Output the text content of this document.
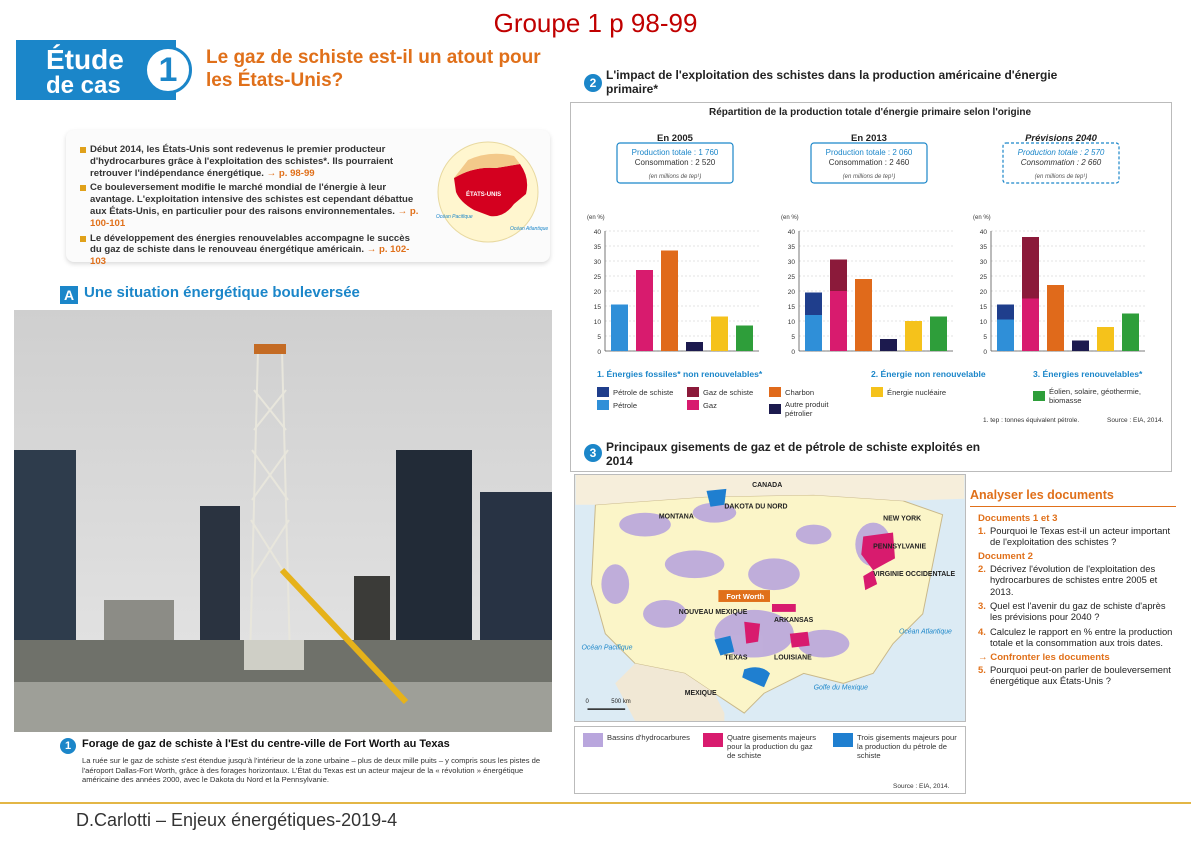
Groupe 1 p 98-99
Étude
de cas	1	Le gaz de schiste est-il un atout pour les États-Unis?
Début 2014, les États-Unis sont redevenus le premier producteur d'hydrocarbures grâce à l'exploitation des schistes*. Ils pourraient retrouver l'indépendance énergétique. → p. 98-99
Ce bouleversement modifie le marché mondial de l'énergie à leur avantage. L'exploitation intensive des schistes est cependant débattue aux États-Unis, en particulier pour des raisons environnementales. → p. 100-101
Le développement des énergies renouvelables accompagne le succès du gaz de schiste dans le renouveau énergétique américain. → p. 102-103
ÉTATS-UNIS
Océan Pacifique
Océan Atlantique
A Une situation énergétique bouleversée
1 Forage de gaz de schiste à l'Est du centre-ville de Fort Worth au Texas
La ruée sur le gaz de schiste s'est étendue jusqu'à l'intérieur de la zone urbaine – plus de deux mille puits – y compris sous les pistes de l'aéroport Dallas-Fort Worth, grâce à des forages horizontaux. L'État du Texas est un acteur majeur de la « révolution » énergétique américaine des années 2000, avec le Dakota du Nord et la Pennsylvanie.
2
L'impact de l'exploitation des schistes dans la production américaine d'énergie primaire*
Répartition de la production totale d'énergie primaire selon l'origine
En 2005
Production totale : 1 760
Consommation : 2 520
(en millions de tep¹)
(en %)
0
5
10
15
20
25
30
35
40
En 2013
Production totale : 2 060
Consommation : 2 460
(en millions de tep¹)
(en %)
0
5
10
15
20
25
30
35
40
Prévisions 2040
Production totale : 2 570
Consommation : 2 660
(en millions de tep¹)
(en %)
0
5
10
15
20
25
30
35
40
1. Énergies fossiles* non renouvelables*	2. Énergie non renouvelable	3. Énergies renouvelables*
Pétrole de schiste
Pétrole
Gaz de schiste
Gaz
Charbon
Autre produit pétrolier
Énergie nucléaire	Éolien, solaire, géothermie, biomasse
1. tep : tonnes équivalent pétrole.	Source : EIA, 2014.
3 Principaux gisements de gaz et de pétrole de schiste exploités en 2014
Fort Worth
CANADA
MONTANA
DAKOTA DU NORD
NEW YORK
PENNSYLVANIE
VIRGINIE OCCIDENTALE
NOUVEAU MEXIQUE
ARKANSAS
TEXAS	LOUISIANE
MEXIQUE
Océan Pacifique
Océan Atlantique
Golfe du Mexique
0	500 km
Bassins d'hydrocarbures	Quatre gisements majeurs pour la production du gaz de schiste
Trois gisements majeurs pour la production du pétrole de schiste
Source : EIA, 2014.
Analyser les documents
Documents 1 et 3
1. Pourquoi le Texas est-il un acteur important de l'exploitation des schistes ?
Document 2
2. Décrivez l'évolution de l'exploitation des hydrocarbures de schistes entre 2005 et 2013.
3. Quel est l'avenir du gaz de schiste d'après les prévisions pour 2040 ?
4. Calculez le rapport en % entre la production totale et la consommation aux trois dates.
→ Confronter les documents
5. Pourquoi peut-on parler de bouleversement énergétique aux États-Unis ?
D.Carlotti – Enjeux énergétiques-2019-4
